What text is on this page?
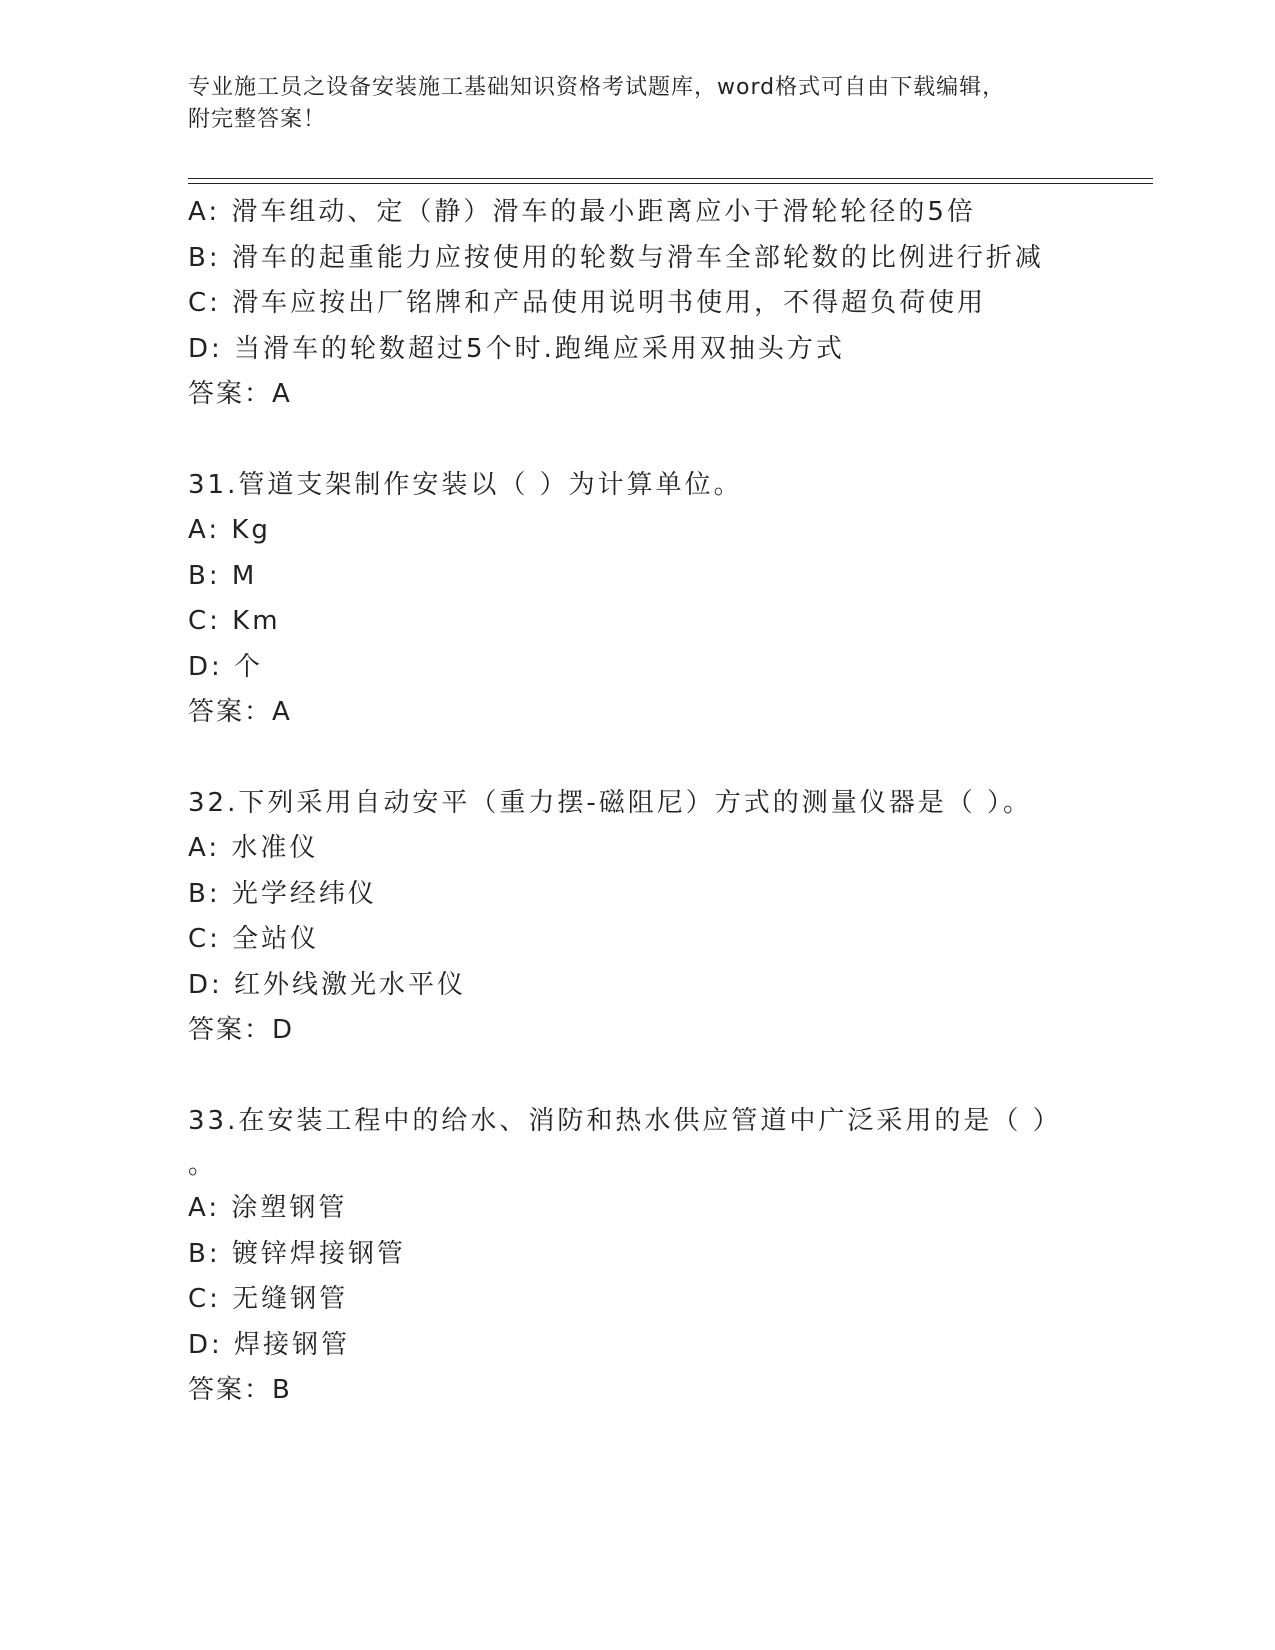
专业施工员之设备安装施工基础知识资格考试题库，word格式可自由下载编辑，
附完整答案！
A: 滑车组动、定（静）滑车的最小距离应小于滑轮轮径的5倍
B: 滑车的起重能力应按使用的轮数与滑车全部轮数的比例进行折减
C: 滑车应按出厂铭牌和产品使用说明书使用，不得超负荷使用
D: 当滑车的轮数超过5个时.跑绳应采用双抽头方式
答案：A
31.管道支架制作安装以（ ）为计算单位。
A: Kg
B: M
C: Km
D: 个
答案：A
32.下列采用自动安平（重力摆-磁阻尼）方式的测量仪器是（ ）。
A: 水准仪
B: 光学经纬仪
C: 全站仪
D: 红外线激光水平仪
答案：D
33.在安装工程中的给水、消防和热水供应管道中广泛采用的是（ ）
。
A: 涂塑钢管
B: 镀锌焊接钢管
C: 无缝钢管
D: 焊接钢管
答案：B
